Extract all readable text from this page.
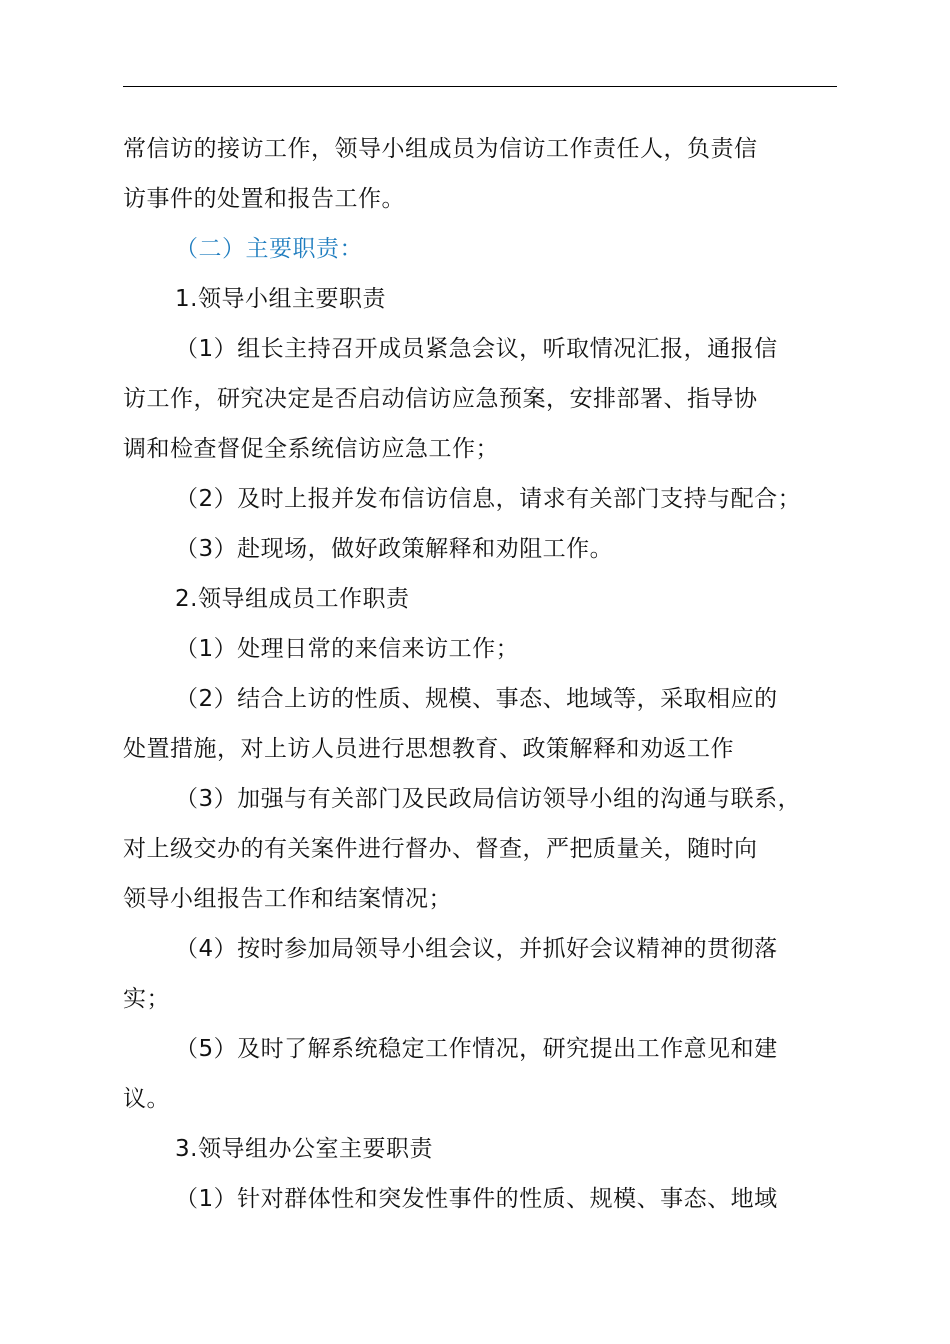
常信访的接访工作，领导小组成员为信访工作责任人，负责信
访事件的处置和报告工作。
（二）主要职责：
1.领导小组主要职责
（1）组长主持召开成员紧急会议，听取情况汇报，通报信
访工作，研究决定是否启动信访应急预案，安排部署、指导协
调和检查督促全系统信访应急工作；
（2）及时上报并发布信访信息，请求有关部门支持与配合；
（3）赴现场，做好政策解释和劝阻工作。
2.领导组成员工作职责
（1）处理日常的来信来访工作；
（2）结合上访的性质、规模、事态、地域等，采取相应的
处置措施，对上访人员进行思想教育、政策解释和劝返工作
（3）加强与有关部门及民政局信访领导小组的沟通与联系，
对上级交办的有关案件进行督办、督查，严把质量关，随时向
领导小组报告工作和结案情况；
（4）按时参加局领导小组会议，并抓好会议精神的贯彻落
实；
（5）及时了解系统稳定工作情况，研究提出工作意见和建
议。
3.领导组办公室主要职责
（1）针对群体性和突发性事件的性质、规模、事态、地域
